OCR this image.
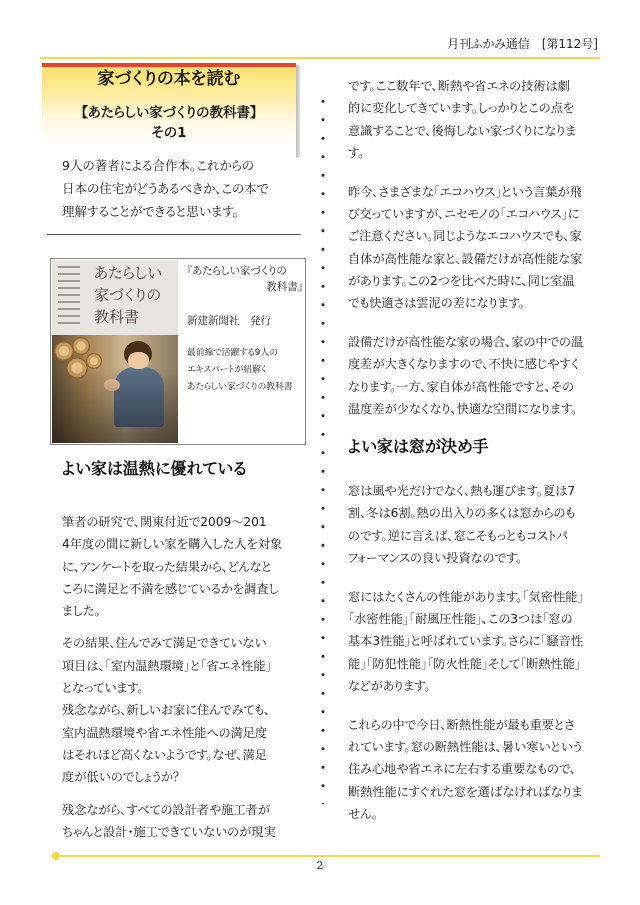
月刊ふかみ通信 [第112号]
家づくりの本を読む
【あたらしい家づくりの教科書】
その1
9人の著者による合作本。これからの
日本の住宅がどうあるべきか、この本で
理解することができると思います。
あたらしい
家づくりの
教科書
『あたらしい家づくりの
教科書』
新建新聞社　発行
最前線で活躍する9人の
エキスパートが紐解く
あたらしい家づくりの教科書
よい家は温熱に優れている
筆者の研究で、関東付近で2009～201
4年度の間に新しい家を購入した人を対象
に、アンケートを取った結果から、どんなと
ころに満足と不満を感じているかを調査し
ました。
その結果、住んでみて満足できていない
項目は、「室内温熱環境」と「省エネ性能」
となっています。
残念ながら、新しいお家に住んでみても、
室内温熱環境や省エネ性能への満足度
はそれほど高くないようです。なぜ、満足
度が低いのでしょうか？
残念ながら、すべての設計者や施工者が
ちゃんと設計・施工できていないのが現実
です。ここ数年で、断熱や省エネの技術は劇
的に変化してきています。しっかりとこの点を
意識することで、後悔しない家づくりになりま
す。
昨今、さまざまな「エコハウス」という言葉が飛
び交っていますが、ニセモノの「エコハウス」に
ご注意ください。同じようなエコハウスでも、家
自体が高性能な家と、設備だけが高性能な家
があります。この2つを比べた時に、同じ室温
でも快適さは雲泥の差になります。
設備だけが高性能な家の場合、家の中での温
度差が大きくなりますので、不快に感じやすく
なります。一方、家自体が高性能ですと、その
温度差が少なくなり、快適な空間になります。
よい家は窓が決め手
窓は風や光だけでなく、熱も運びます。夏は7
割、冬は6割。熱の出入りの多くは窓からのも
のです。逆に言えば、窓こそもっともコストパ
フォーマンスの良い投資なのです。
窓にはたくさんの性能があります。「気密性能」
「水密性能」「耐風圧性能」、この3つは「窓の
基本3性能」と呼ばれています。さらに「騒音性
能」「防犯性能」「防火性能」そして「断熱性能」
などがあります。
これらの中で今日、断熱性能が最も重要とさ
れています。窓の断熱性能は、暑い寒いという
住み心地や省エネに左右する重要なもので、
断熱性能にすぐれた窓を選ばなければなりま
せん。
2
